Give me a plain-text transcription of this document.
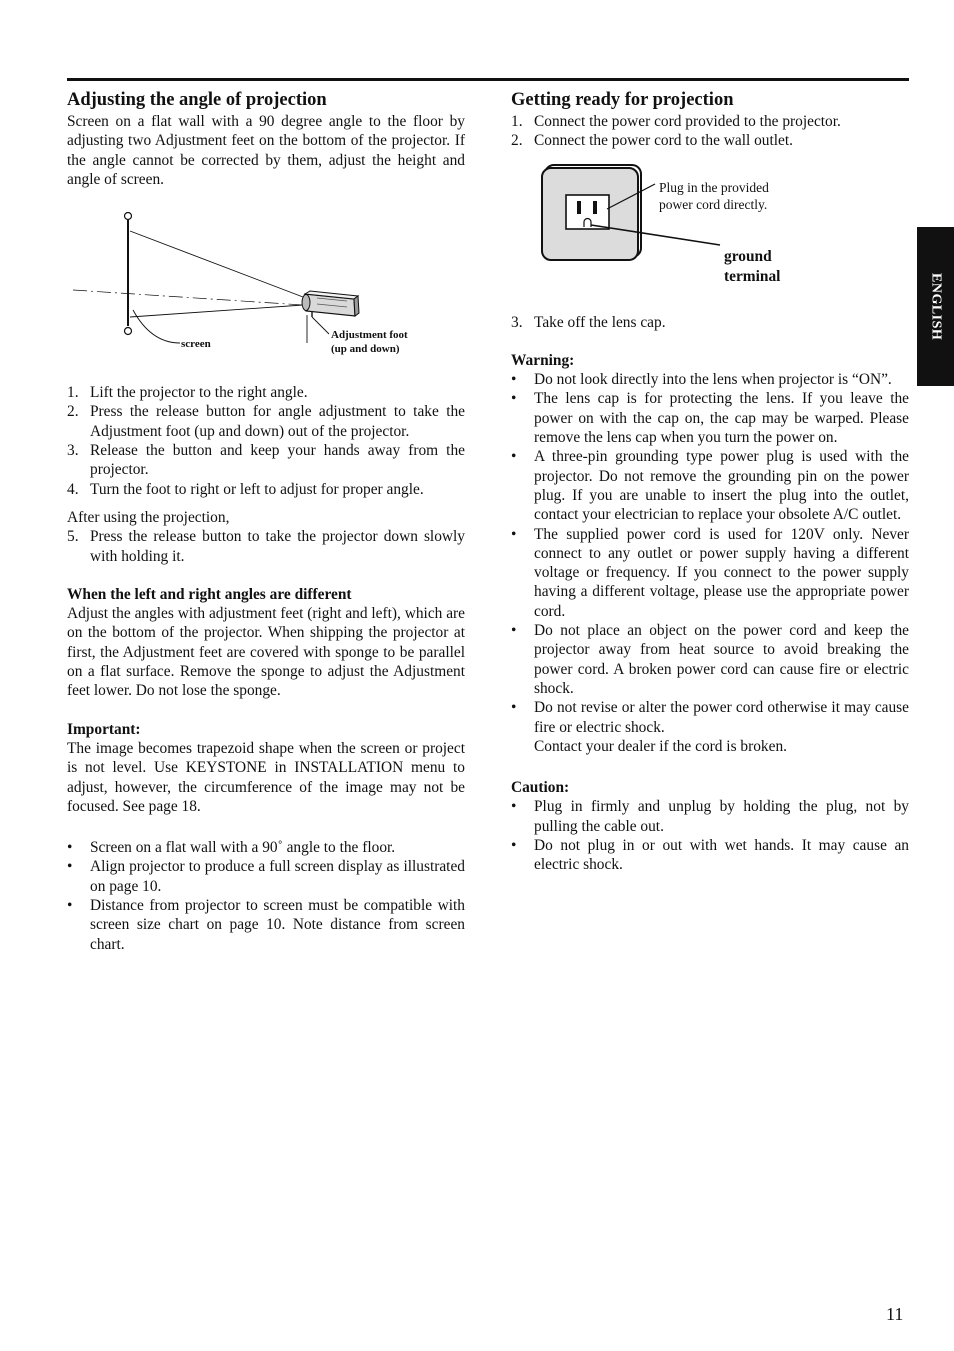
Adjusting the angle of projection

Screen on a flat wall with a 90 degree angle to the floor by adjusting two Adjustment feet on the bottom of the projector. If the angle cannot be corrected by them, adjust the height and angle of screen.

screen
Adjustment foot
(up and down)
1. Lift the projector to the right angle.
2. Press the release button for angle adjustment to take the Adjustment foot (up and down) out of the projector.
3. Release the button and keep your hands away from the projector.
4. Turn the foot to right or left to adjust for proper angle.

After using the projection,

5. Press the release button to take the projector down slowly with holding it.

When the left and right angles are different

Adjust the angles with adjustment feet (right and left), which are on the bottom of the projector. When shipping the projector at first, the Adjustment feet are covered with sponge to be parallel on a flat surface. Remove the sponge to adjust the Adjustment feet lower. Do not lose the sponge.

Important:

The image becomes trapezoid shape when the screen or project is not level. Use KEYSTONE in INSTALLATION menu to adjust, however, the circumference of the image may not be focused. See page 18.

• Screen on a flat wall with a 90˚ angle to the floor.
• Align projector to produce a full screen display as illustrated on page 10.
• Distance from projector to screen must be compatible with screen size chart on page 10. Note distance from screen chart.
Getting ready for projection
1. Connect the power cord provided to the projector.
2. Connect the power cord to the wall outlet.
Plug in the provided
power cord directly.
ground
terminal
3. Take off the lens cap.

Warning:

• Do not look directly into the lens when projector is “ON”.
• The lens cap is for protecting the lens. If you leave the power on with the cap on, the cap may be warped. Please remove the lens cap when you turn the power on.
• A three-pin grounding type power plug is used with the projector. Do not remove the grounding pin on the power plug. If you are unable to insert the plug into the outlet, contact your electrician to replace your obsolete A/C outlet.
• The supplied power cord is used for 120V only. Never connect to any outlet or power supply having a different voltage or frequency. If you connect to the power supply having a different voltage, please use the appropriate power cord.
• Do not place an object on the power cord and keep the projector away from heat source to avoid breaking the power cord. A broken power cord can cause fire or electric shock.
• Do not revise or alter the power cord otherwise it may cause fire or electric shock.
Contact your dealer if the cord is broken.

Caution:

• Plug in firmly and unplug by holding the plug, not by pulling the cable out.
• Do not plug in or out with wet hands. It may cause an electric shock.
ENGLISH
11
